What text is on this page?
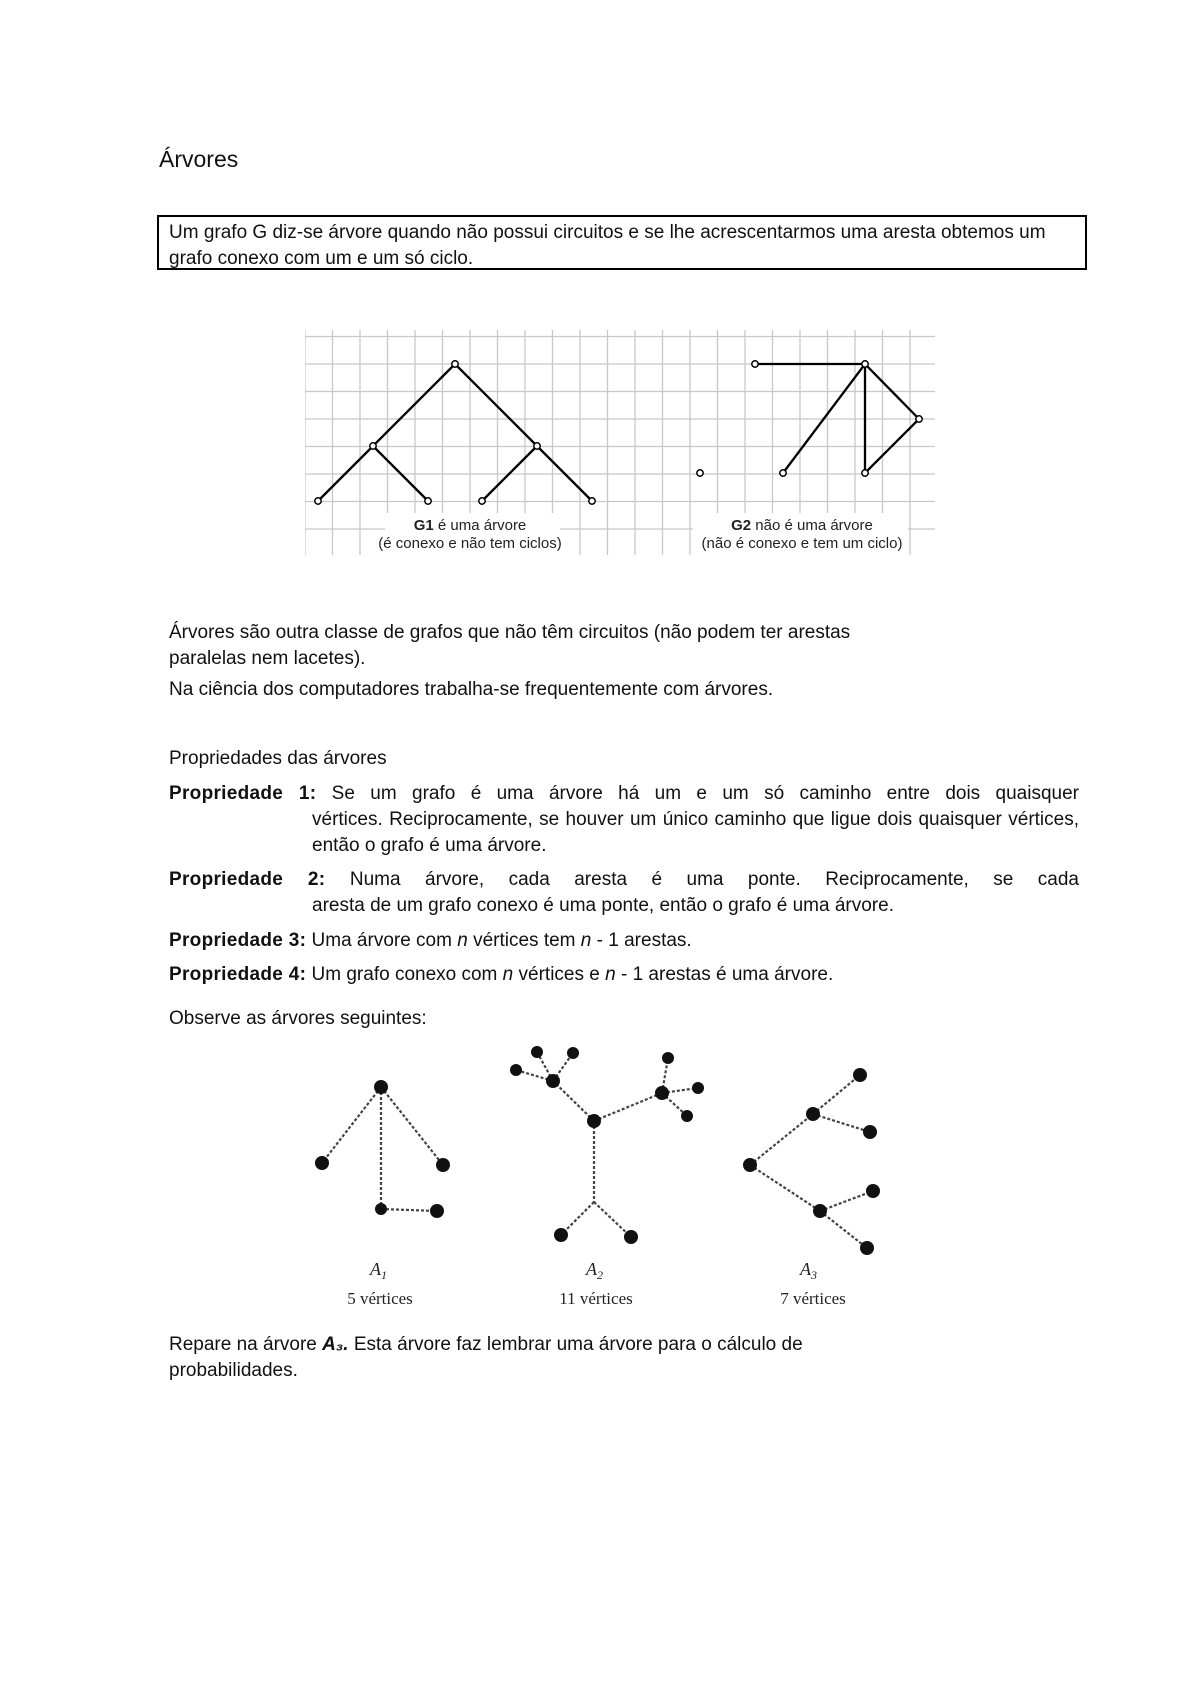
Árvores
Um grafo G diz-se árvore quando não possui circuitos e se lhe acrescentarmos uma aresta obtemos um grafo conexo com um e um só ciclo.
G1 é uma árvore
(é conexo e não tem ciclos)
G2 não é uma árvore
(não é conexo e tem um ciclo)
Árvores são outra classe de grafos que não têm circuitos (não podem ter arestas
paralelas nem lacetes).
Na ciência dos computadores trabalha-se frequentemente com árvores.
Propriedades das árvores
Propriedade 1: Se um grafo é uma árvore há um e um só caminho entre dois quaisquer
vértices. Reciprocamente, se houver um único caminho que ligue dois quaisquer vértices, então o grafo é uma árvore.
Propriedade 2: Numa árvore, cada aresta é uma ponte. Reciprocamente, se cada
aresta de um grafo conexo é uma ponte, então o grafo é uma árvore.
Propriedade 3: Uma árvore com n vértices tem n - 1 arestas.
Propriedade 4: Um grafo conexo com n vértices e n - 1 arestas é uma árvore.
Observe as árvores seguintes:
$A_1$
5 vértices
$A_2$
11 vértices
$A_3$
7 vértices
Repare na árvore A₃. Esta árvore faz lembrar uma árvore para o cálculo de
probabilidades.
